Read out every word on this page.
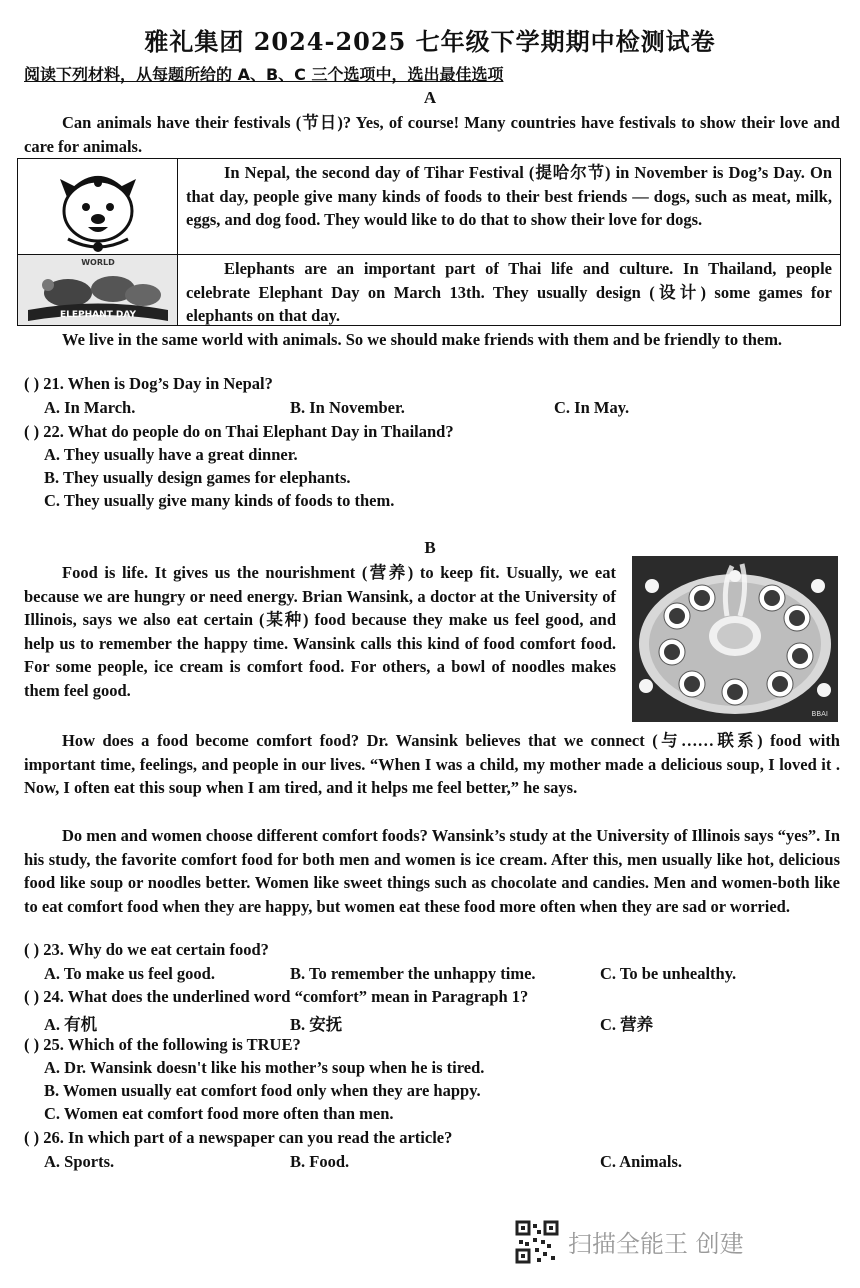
雅礼集团 2024-2025 七年级下学期期中检测试卷
阅读下列材料，从每题所给的 A、B、C 三个选项中，选出最佳选项
A
Can animals have their festivals (节日)? Yes, of course! Many countries have festivals to show their love and care for animals.
In Nepal, the second day of Tihar Festival (提哈尔节) in November is Dog’s Day. On that day, people give many kinds of foods to their best friends — dogs, such as meat, milk, eggs, and dog food. They would like to do that to show their love for dogs.
WORLD
ELEPHANT DAY
Elephants are an important part of Thai life and culture. In Thailand, people celebrate Elephant Day on March 13th. They usually design (设计) some games for elephants on that day.
We live in the same world with animals. So we should make friends with them and be friendly to them.
( ) 21. When is Dog’s Day in Nepal?
A. In March.	B. In November.	C. In May.
( ) 22. What do people do on Thai Elephant Day in Thailand?
A. They usually have a great dinner.
B. They usually design games for elephants.
C. They usually give many kinds of foods to them.
B
Food is life. It gives us the nourishment (营养) to keep fit. Usually, we eat because we are hungry or need energy. Brian Wansink, a doctor at the University of Illinois, says we also eat certain (某种) food because they make us feel good, and help us to remember the happy time. Wansink calls this kind of food comfort food. For some people, ice cream is comfort food. For others, a bowl of noodles makes them feel good.
BBAI
How does a food become comfort food? Dr. Wansink believes that we connect (与……联系) food with important time, feelings, and people in our lives. “When I was a child, my mother made a delicious soup, I loved it . Now, I often eat this soup when I am tired, and it helps me feel better,” he says.
Do men and women choose different comfort foods? Wansink’s study at the University of Illinois says “yes”. In his study, the favorite comfort food for both men and women is ice cream. After this, men usually like hot, delicious food like soup or noodles better. Women like sweet things such as chocolate and candies. Men and women-both like to eat comfort food when they are happy, but women eat these food more often when they are sad or worried.
( ) 23. Why do we eat certain food?
A. To make us feel good.	B. To remember the unhappy time.	C. To be unhealthy.
( ) 24. What does the underlined word “comfort” mean in Paragraph 1?
A. 有机	B. 安抚	C. 营养
( ) 25. Which of the following is TRUE?
A. Dr. Wansink doesn't like his mother’s soup when he is tired.
B. Women usually eat comfort food only when they are happy.
C. Women eat comfort food more often than men.
( ) 26. In which part of a newspaper can you read the article?
A. Sports.	B. Food.	C. Animals.
扫描全能王 创建
